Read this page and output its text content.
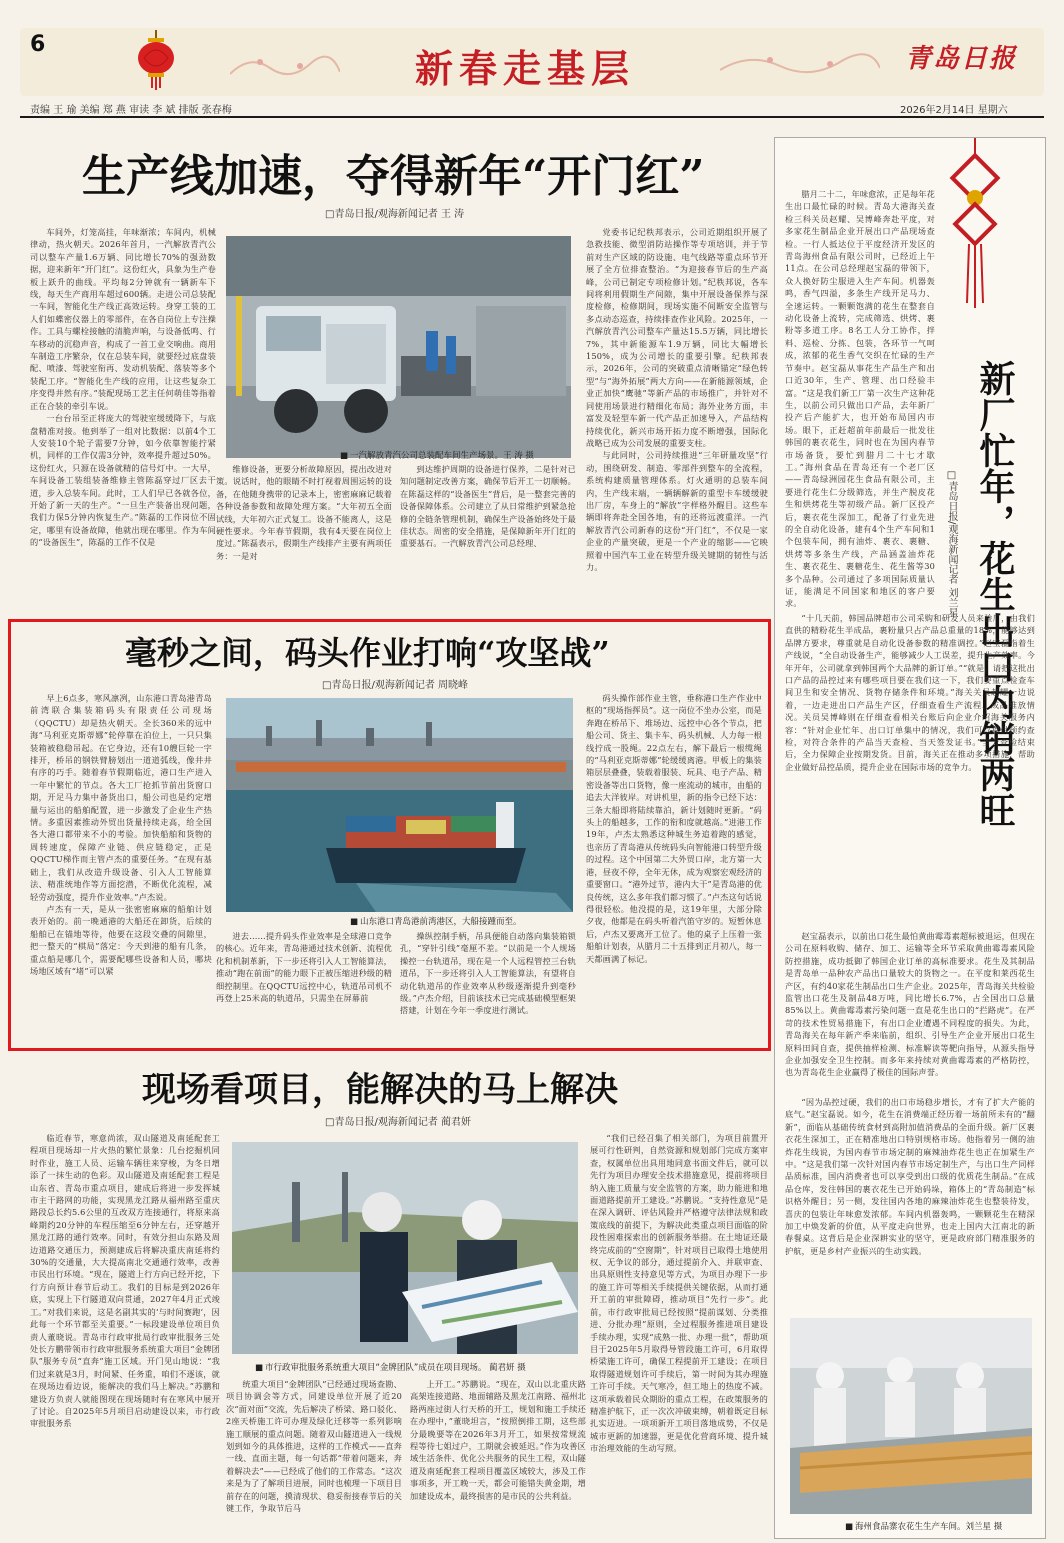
6
新春走基层	青岛日报
责编 王 瑜 美编 郑 燕 审读 李 斌 排版 张春梅	2026年2月14日 星期六
生产线加速，夺得新年“开门红”
□青岛日报/观海新闻记者 王 涛

车间外，灯笼高挂，年味渐浓；车间内，机械律动，热火朝天。2026年首月，一汽解放青汽公司以整车产量1.6万辆、同比增长70%的强劲数据，迎来新年“开门红”。这份红火，具象为生产卷板上跃升的曲线。平均每2分钟就有一辆新车下线，每天生产商用车超过600辆。走进公司总装配一车间，智能化生产线正高效运转。身穿工装的工人们如蝶密仪器上的零部件，在各自岗位上专注操作。工具与螺栓接触的清脆声响，与设备低鸣、行车移动的沉稳声音，构成了一首工业交响曲。商用车制造工序繁杂，仅在总装车间，就要经过底盘装配、喷漆、驾驶室衔再、发动机装配、落装等多个装配工序。“智能化生产线的应用，让这些复杂工序变得井然有序。”装配现场工艺主任何萌佳等指着正在合装的牵引车说。

一台台吊至正将庞大的驾驶室缓缓降下，与底盘精准对接。他到举了一组对比数据：以前4个工人安装10个轮子需要7分钟，如今依靠智能拧紧机，同样的工作仅需3分钟，效率提升超过50%。这份红火，只源在设备就精的信号灯中。一大早，车间设备工装组装备维修主管陈磊穿过厂区去干道，步入总装车间。此时，工人们早已各就各位，开始了新一天的生产。“一旦生产装备出现问题，我们力保5分钟内恢复生产。”陈磊的工作岗位不固定，哪里有设备故障，他就出现在哪里。作为车间的“设备医生”，陈磊的工作不仅是

■ 一汽解放青汽公司总装配车间生产场景。王 涛 摄

维修设备，更要分析故障原因，提出改进对策。说话时，他的眼睛不时打视着周围运转的设备，在他随身携带的记录本上，密密麻麻记载着各种设备参数和故障处理方案。“大年初五全面试线，大年初六正式复工。设备不能离人，这是硬性要求。今年春节假期，我有4天要在岗位上度过。”陈磊表示，假期生产线排产主要有两项任务：一是对

到达维护周期的设备进行保养，二是针对已知问题制定改善方案，确保节后开工一切顺畅。在陈磊这样的“设备医生”背后，是一整套完善的设备保障体系。公司建立了从日常维护到紧急抢修的全链条管理机制，确保生产设备始终处于最佳状态。周密的安全措施，是保障新年开门红的重要基石。一汽解放青汽公司总经理、

党委书记纪秩邦表示，公司近期组织开展了急救技能、微型消防站操作等专项培训，并于节前对生产区域的防设施、电气线路等重点环节开展了全方位排查整治。“为迎接春节后的生产高峰，公司已制定专项检修计划。”纪秩邦说，各车间将利用假期生产间隙，集中开展设备保养与深度检修，检修期间，现场实施不间断安全监管与多点动态巡查，持续排查作业风险。2025年，一汽解放青汽公司整车产量达15.5万辆，同比增长7%，其中新能源车1.9万辆，同比大幅增长150%，成为公司增长的重要引擎。纪秩邦表示，2026年，公司的突破重点清晰锚定“绿色转型”与“海外拓展”两大方向——在新能源领域，企业正加快“鹰驰”等新产品的市场推广，并针对不同使用场景进行精细化布局；海外业务方面，丰富发及轻型车新一代产品正加速导入，产品结构持续优化，新兴市场开拓力度不断增强，国际化战略已成为公司发展的重要支柱。

与此同时，公司持续推进“三年研量攻坚”行动，围绕研发、制造、零部件到整车的全流程，系统构建质量管理体系。灯火通明的总装车间内，生产线末端，一辆辆解新的重型卡车缓缓驶出厂房，车身上的“解放”字样格外醒目。这些车辆即将奔赴全国各地，有的还将远渡重洋。一汽解放青汽公司新春的这份“开门红”，不仅是一家企业的产量突破，更是一个产业的缩影——它映照着中国汽车工业在转型升级关键期的韧性与活力。

毫秒之间，码头作业打响“攻坚战”
□青岛日报/观海新闻记者 周晓峰

早上6点多，寒风凛冽，山东港口青岛港青岛前湾联合集装箱码头有限责任公司现场（QQCTU）却是热火朝天。全长360米的远中海“马利亚克斯蒂娜”轮停靠在泊位上，一只只集装箱被稳稳吊起。在它身边，还有10艘巨轮一字排开，桥吊的钢铁臂膀划出一道道弧线，像井井有序的巧手。随着春节假期临近，港口生产进入一年中繁忙的节点。各大工厂抢抓节前出货窗口期，开足马力集中备货出口，船公司也是约定增量与运出的船舶配置，进一步激发了企业生产热情。多重因素推动外贸出货量持续走高，给全国各大港口都带来不小的考验。加快船舶和货物的周转速度，保障产业链、供应链稳定，正是QQCTU梯作而主管卢杰的重要任务。“在现有基础上，我们从改造升级设备、引入人工智能算法、精准统地作等方面挖潜，不断优化流程，减轻劳动强度，提升作业效率。”卢杰说。

卢杰有一天，是从一张密密麻麻的船舶计划表开始的。前一晚通港的大船还在卸货，后续的船舶已在锚地等待，他要在这段交叠的间隙里，把一整天的“棋局”落定：今天到港的船有几条，重点船是哪几个，需要配哪些设备和人员，哪块场地区域有“堵”可以紧

■ 山东港口青岛港前湾港区，大船接踵而至。

进去……提升码头作业效率是全球港口竞争的核心。近年来，青岛港通过技术创新、流程优化和机制革新，下一步还将引入人工智能算法，推动“跑在前面”的能力眼下正被压缩进秒级的精细控制里。在QQCTU远控中心，轨道吊司机不再登上25米高的轨道吊，只需坐在屏幕前

操纵控制手柄，吊具便能自动落向集装箱锁孔，“穿针引线”毫厘不差。“以前是一个人规场操控一台轨道吊，现在是一个人远程管控三台轨道吊，下一步还将引入人工智能算法，有望将自动化轨道吊的作业效率从秒级逐渐提升到毫秒级。”卢杰介绍，目前该技术已完成基础模型框架搭建，计划在今年一季度进行测试。

码头操作部作业主管，垂称港口生产作业中枢的“现场指挥员”。这一岗位不坐办公室，而是奔跑在桥吊下、堆场边、远控中心各个节点，把船公司、货主、集卡车、码头机械、人力每一根线拧成一股绳。22点左右，解下最后一根缆绳的“马利亚克斯蒂娜”轮缓缓离港。甲板上的集装箱层层叠叠，装载着服装、玩具、电子产品、精密设备等出口货物，像一座流动的城市，由船的追去大洋彼岸。对讲机里，新的指令已经下达：三条大船即将陆续靠泊，新计划随时更新。“码头上的船越多，工作的衔和度就越高。”进港工作19年，卢杰太熟悉这种城生务追着跑的感觉，也亲历了青岛港从传统码头向智能港口转型升级的过程。这个中国第二大外贸口岸，北方第一大港，昼夜不停，全年无休，成为观察宏观经济的重要窗口。“港外过节，港内大干”是青岛港的优良传统，这么多年我们都习惯了。”卢杰这句话说得很轻松。他没提的是，这19年里，大部分除夕夜，他都是在码头听着汽笛守岁的。短暂休息后，卢杰又要离开工位了。他的桌子上压着一张船舶计划表，从腊月二十五排到正月初八，每一天都画满了标记。

现场看项目，能解决的马上解决
□青岛日报/观海新闻记者 蔺君妍

临近春节，寒意尚浓，双山隧道及南延配套工程项目现场却一片火热的繁忙景象：几台挖掘机同时作业，施工人员、运输车辆往来穿梭，为冬日增添了一抹生动的色彩。双山隧道及南延配套工程是山东省、青岛市重点项目，建成后将进一步发挥城市主干路网的功能，实现黑龙江路从福州路至重庆路段总长约5.6公里的互改双方连接通行，将原来高峰期约20分钟的车程压缩至6分钟左右，还穿越开黑龙江路的通行效率。同时，有效分担山东路及周边道路交通压力，预测建成后将解决重庆南延将约30%的交通量，大大提高南北交通通行效率，改善市民出行环境。“现在，隧道上行方向已经开挖，下行方向预计春节后动工。我们的目标是到2026年底，实现上下行隧道双向贯通，2027年4月正式竣工。”对我们来说，这是名副其实的‘与时间赛跑’，因此每一个环节都至关重要。”一标段建设单位项目负责人董晓说。青岛市行政审批局行政审批服务三处处长方鹏带领市行政审批服务系统重大项目“金牌团队”服务专员“直奔”施工区域。开门见山地说：“我们过来就是3月，时间紧、任务重，咱们不逐该，就在现场边看边说，能解决的我们马上解决。”苏鹏和建设方负责人就能图现在现场随时有在寒风中展开了讨论。自2025年5月项目启动建设以来，市行政审批服务系

■ 市行政审批服务系统重大项目“金牌团队”成员在项目现场。 蔺君妍 摄

统重大项目“金牌团队”已经通过现场查勘、项目协调会等方式，同建设单位开展了近20次“面对面”交流，先后解决了桥梁、路口驳化、2座天桥施工许可办理及绿化迁移等一系列影响施工顺展的重点问题。随着双山隧道进入一线规划到如今的具体推进，这样的工作模式——直奔一线、直面主题，每一句话都“带着问题来，奔着解决去”——已经成了他们的工作常态。“这次来是为了了解项目进展，同时也梳理一下项目目前存在的问题，摸清现状、稳妥衔接春节后的关键工作，争取节后马

上开工。”苏鹏说。“现在，双山以北重庆路高架连接道路、地面辅路及黑龙江南路、福州北路两座过街人行天桥的开工，规划和施工手续还在办理中，”董晓坦言，“按照倒排工期，这些部分最晚要等在2026年3月开工，如果按常规流程等待七姐过户，工期就会被延迟。”作为攻善区域生活条件、优化公共服务的民生工程，双山隧道及南延配套工程项目覆盖区域较大，涉及工作事项多，开工晚一天，都会可能错失黄金期，增加建设成本，最终损害的是市民的公共利益。

“我们已经召集了相关部门，为项目前置开展可行性研判，自然资源和规划部门完成方案审查，权属单位出具用地同意书面文件后，就可以先行为项目办理安全技术措施意见，提前将项目纳入施工质量与安全监管的方案，助力能进和地面道路提前开工建设。”苏鹏说。“支持性意见”是在深入调研、评估风险并严格遵守法律法规和政策底线的前提下，为解决此类重点项目面临的阶段性困难探索出的创新服务举措。在土地证还最终完成前的“空窗期”，针对项目已取得土地使用权、无争议的部分，通过提前介入、并联审查、出具原则性支持意见等方式，为项目办理下一步的施工许可等相关手续提供关键依据，从而打通开工前的审批障碍，推动项目“先行一步”。此前，市行政审批局已经按照“提前谋划、分类推进、分批办理”原则，全过程服务推进项目建设手续办理，实现“成熟一批、办理一批”，帮助项目于2025年5月取得导管段施工许可，6月取得桥梁施工许可，确保工程提前开工建设；在项目取得隧道规划许可手续后，第一时间为其办理施工许可手续。天气寒冷，但工地上的热度不减。这项承载着民众期盼的重点工程，在政策服务的精准护航下，正一次次冲破束缚，朝着既定目标扎实迈进。一项项新开工项目落地成势，不仅是城市更新的加速器，更是优化营商环境、提升城市治理效能的生动写照。

新厂忙年，花生出口内销两旺
□青岛日报/观海新闻记者 刘兰星

腊月二十二，年味愈浓，正是每年花生出口最忙碌的时候。青岛大港海关查检三科关员赵耀、吴博峰奔赴平度，对多家花生制品企业开展出口产品现场查检。一行人抵达位于平度经济开发区的青岛海州食品有限公司时，已经近上午11点。在公司总经理赵宝磊的带领下，众人换好防尘服进入生产车间。机器轰鸣，香气四溢，多条生产线开足马力、全速运转。一颗颗饱满的花生在整套自动化设备上流转，完成筛选、烘烤、裹粉等多道工序。8名工人分工协作，拌料、巡检、分拣、包装，各环节一气呵成，浓郁的花生香气交织在忙碌的生产节奏中。赵宝磊从事花生产品生产和出口近30年，生产、管理、出口经验丰富。“这是我们新工厂第一次生产这种花生，以前公司只做出口产品，去年新厂投产后产能扩大，也开始布局国内市场。眼下，正赶超前年前最后一批发往韩国的裹衣花生，同时也在为国内春节市场备货，要忙到腊月二十七才歇工。”海州食品在青岛还有一个老厂区——青岛绿洲园花生食品有限公司，主要进行花生仁分级筛选，并生产脱皮花生和烘烤花生等初级产品。新厂区投产后，裹衣花生深加工，配备了行业先进的全自动化设备，建有4个生产车间和1个包装车间，拥有油炸、裹衣、裹糖、烘烤等多条生产线，产品涵盖油炸花生、裹衣花生、裹糖花生、花生酱等30多个品种。公司通过了多项国际质量认证，能满足不同国家和地区的客户要求。

“十几天前，韩国品牌超市公司采购和研发人员来验厂，由我们直供的精粉花生半成品，裹粉量只占产品总重量的18%，能够达到品牌方要求，尊重就是自动化设备参数的精准调控。”赵宝磊指着生产线说，“全自动设备生产，能够减少人工误差，提升生产效率。今年开年，公司就拿到韩国两个大品牌的新订单。”“就是，请把这批出口产品的品控过来有哪些项目要在我们这一下，我们要重点检查车间卫生和安全情况、货物存储条件和环境。”海关关员赵耀一边说着，一边走进出口产品生产区，仔细查看生产流程、成品堆放情况。关员吴博峰则在仔细查看相关台账后向企业介绍海关服务内容：“针对企业忙年、出口订单集中的情况，我们可以提供预约查检，对符合条件的产品当天查检、当天签发证书。”当天查检结束后，全力保障企业按期发货。目前，海关正在推动多项措施，帮助企业做好品控品质，提升企业在国际市场的竞争力。

赵宝磊表示，以前出口花生最怕黄曲霉毒素超标被退运，但现在公司在原料收购、储存、加工、运输等全环节采取黄曲霉毒素风险防控措施，成功抵御了韩国企业订单的高标准要求。花生及其制品是青岛单一品种农产品出口量较大的货物之一。在平度和莱西花生产区，有约40家花生制品出口生产企业。2025年，青岛海关共检验监管出口花生及制品48万吨，同比增长6.7%，占全国出口总量85%以上。黄曲霉毒素污染问题一直是花生出口的“拦路虎”。在严苛的技术性贸易措施下，有出口企业遭遇不同程度的损失。为此，青岛海关在每年新产季来临前，组织、引导生产企业开展出口花生原料田间自查，提供抽样检测、标准解读等靶向指导，从源头指导企业加强安全卫生控制。而多年来持续对黄曲霉毒素的严格防控，也为青岛花生企业赢得了极佳的国际声誉。

“因为品控过硬，我们的出口市场稳步增长，才有了扩大产能的底气。”赵宝磊说。如今，花生在消费端正经历着一场前所未有的“翻新”，面临从基础传统食材到高附加值消费品的全面升级。新厂区裹衣花生深加工，正在精准地出口特别规格市场。他指着另一侧的油炸花生线说，为国内春节市场定制的麻辣油炸花生也正在加紧生产中。“这是我们第一次针对国内春节市场定制生产，与出口生产同样品质标准，国内消费者也可以享受到出口级的优质花生制品。”在成品仓库，发往韩国的裹衣花生已开始码垛，箱体上的“青岛制造”标识格外醒目；另一侧，发往国内各地的麻辣油炸花生也整装待发，喜庆的包装让年味愈发浓郁。车间内机器轰鸣，一颗颗花生在精深加工中焕发新的价值，从平度走向世界，也走上国内大江南北的新春餐桌。这背后是企业深耕实业的坚守，更是政府部门精准服务的护航，更是乡村产业振兴的生动实践。

■ 海州食品寨农花生生产车间。刘兰星 摄
